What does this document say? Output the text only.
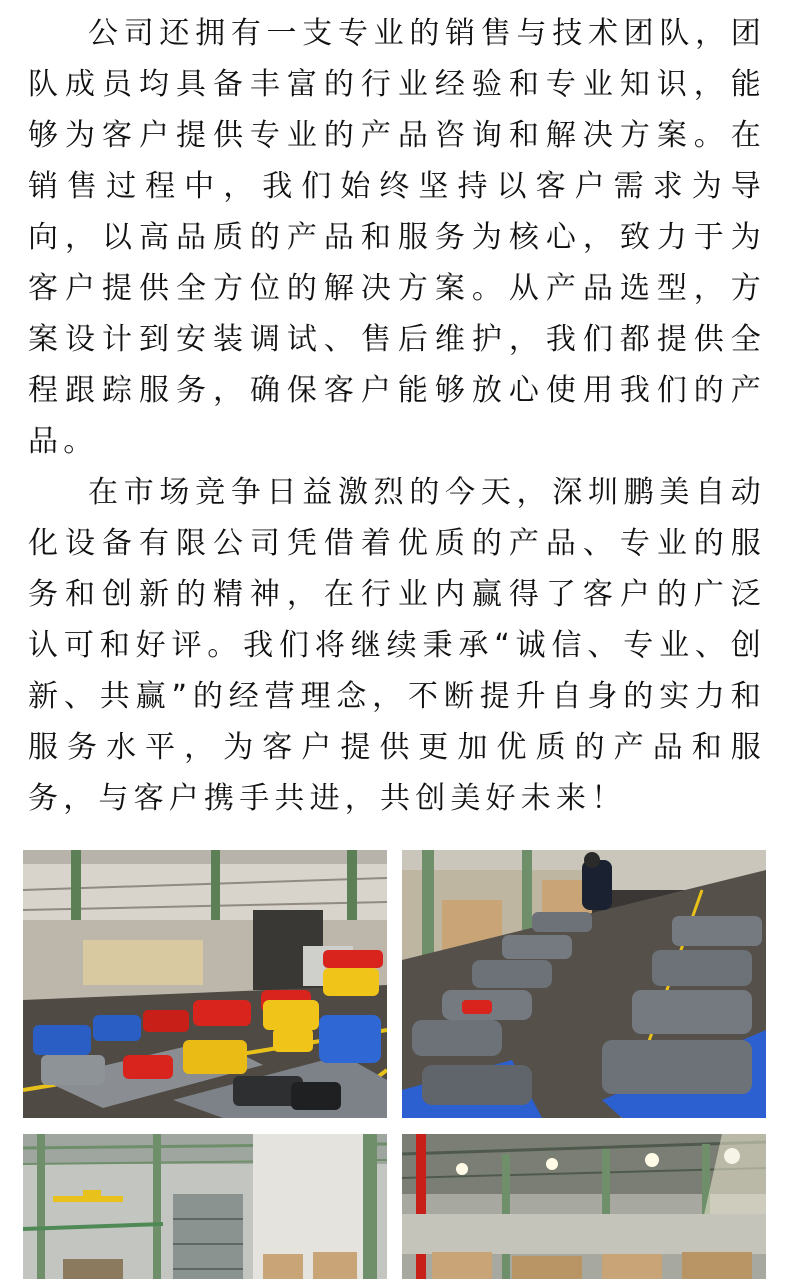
公司还拥有一支专业的销售与技术团队，团队成员均具备丰富的行业经验和专业知识，能够为客户提供专业的产品咨询和解决方案。在销售过程中，我们始终坚持以客户需求为导向，以高品质的产品和服务为核心，致力于为客户提供全方位的解决方案。从产品选型，方案设计到安装调试、售后维护，我们都提供全程跟踪服务，确保客户能够放心使用我们的产品。

在市场竞争日益激烈的今天，深圳鹏美自动化设备有限公司凭借着优质的产品、专业的服务和创新的精神，在行业内赢得了客户的广泛认可和好评。我们将继续秉承“诚信、专业、创新、共赢”的经营理念，不断提升自身的实力和服务水平，为客户提供更加优质的产品和服务，与客户携手共进，共创美好未来！
